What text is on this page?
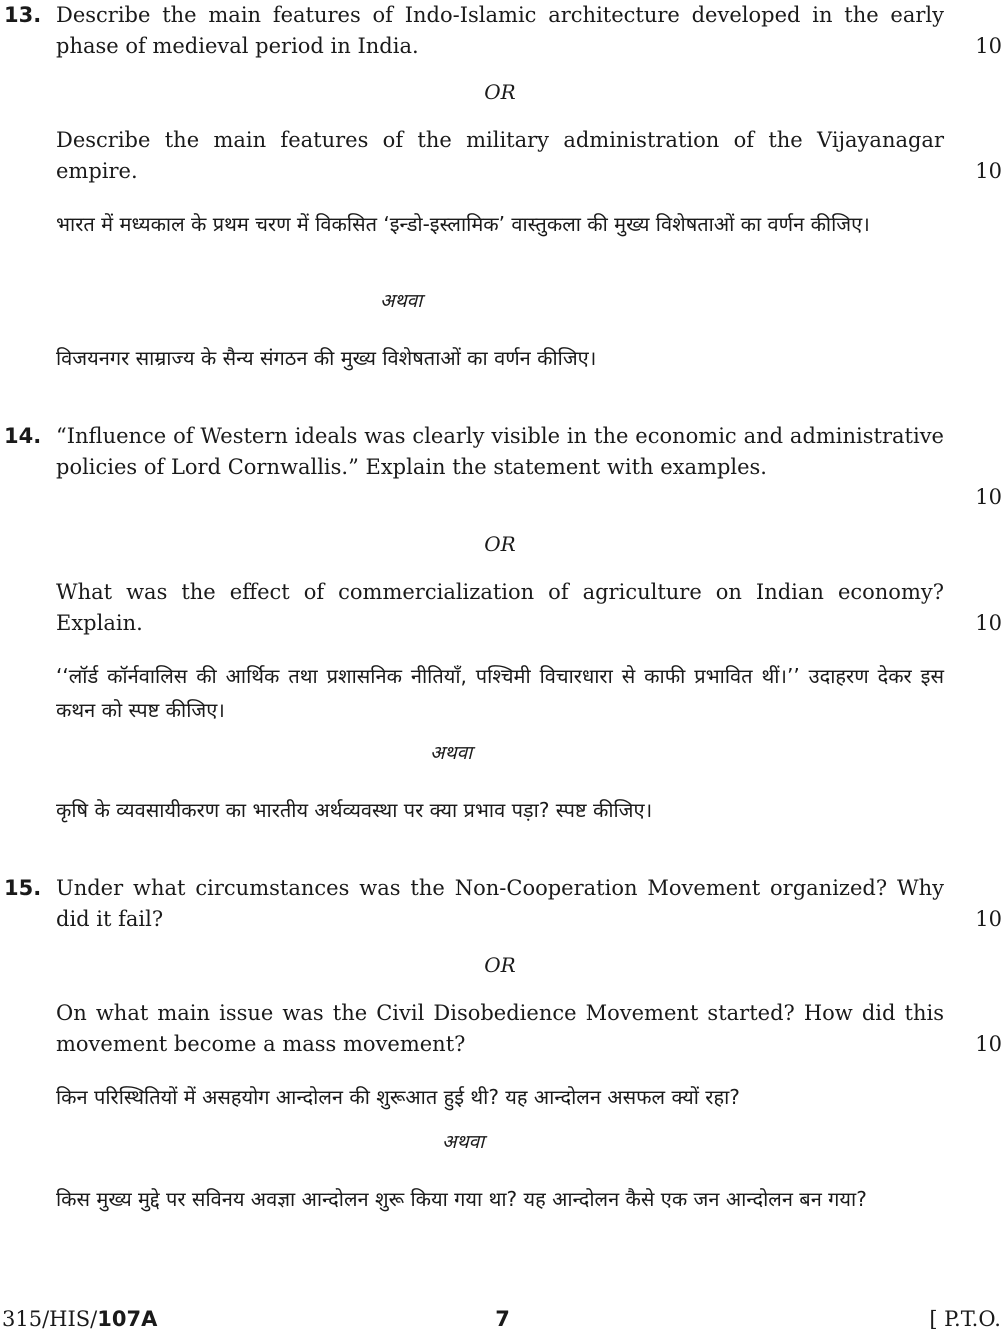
13. Describe the main features of Indo-Islamic architecture developed in the early phase of medieval period in India.	10
OR
Describe the main features of the military administration of the Vijayanagar empire.	10
भारत में मध्यकाल के प्रथम चरण में विकसित ‘इन्डो-इस्लामिक’ वास्तुकला की मुख्य विशेषताओं का वर्णन कीजिए।
अथवा
विजयनगर साम्राज्य के सैन्य संगठन की मुख्य विशेषताओं का वर्णन कीजिए।
14. “Influence of Western ideals was clearly visible in the economic and administrative policies of Lord Cornwallis.” Explain the statement with examples.
10
OR
What was the effect of commercialization of agriculture on Indian economy? Explain.	10
‘‘लॉर्ड कॉर्नवालिस की आर्थिक तथा प्रशासनिक नीतियाँ, पश्चिमी विचारधारा से काफी प्रभावित थीं।’’ उदाहरण देकर इस कथन को स्पष्ट कीजिए।
अथवा
कृषि के व्यवसायीकरण का भारतीय अर्थव्यवस्था पर क्या प्रभाव पड़ा? स्पष्ट कीजिए।
15. Under what circumstances was the Non-Cooperation Movement organized? Why did it fail?	10
OR
On what main issue was the Civil Disobedience Movement started? How did this movement become a mass movement?	10
किन परिस्थितियों में असहयोग आन्दोलन की शुरूआत हुई थी? यह आन्दोलन असफल क्यों रहा?
अथवा
किस मुख्य मुद्दे पर सविनय अवज्ञा आन्दोलन शुरू किया गया था? यह आन्दोलन कैसे एक जन आन्दोलन बन गया?
315/HIS/107A	7	[ P.T.O.
